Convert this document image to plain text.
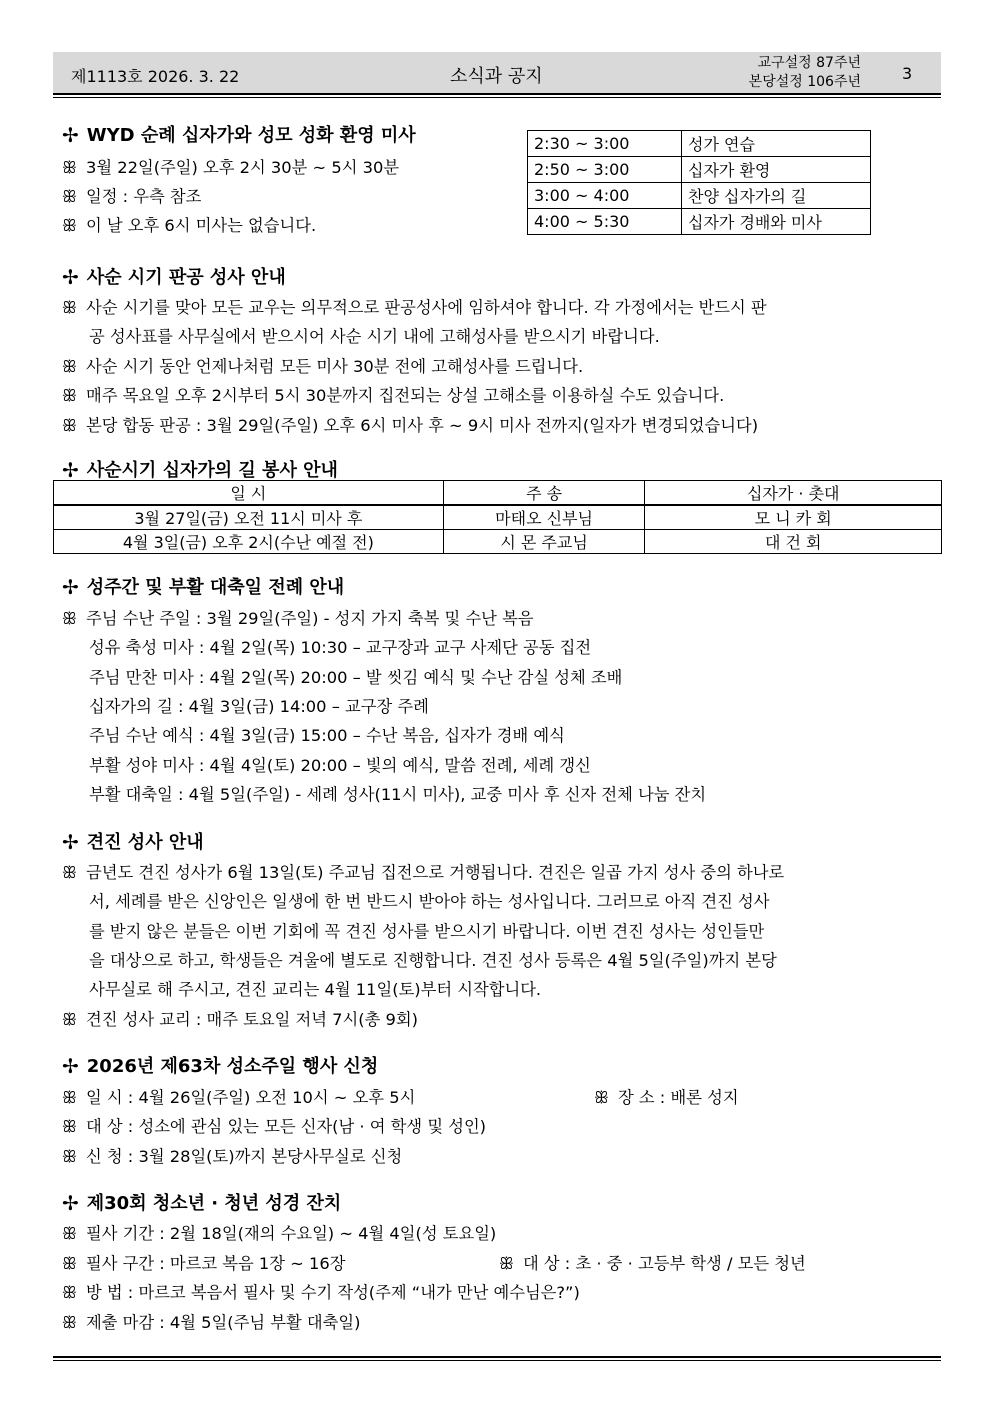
제1113호 2026. 3. 22	소식과 공지
교구설정 87주년
본당설정 106주년	3
✢ WYD 순례 십자가와 성모 성화 환영 미사
ꕥ 3월 22일(주일) 오후 2시 30분 ~ 5시 30분
ꕥ 일정 : 우측 참조
ꕥ 이 날 오후 6시 미사는 없습니다.
2:30 ~ 3:00	성가 연습
2:50 ~ 3:00	십자가 환영
3:00 ~ 4:00	찬양 십자가의 길
4:00 ~ 5:30	십자가 경배와 미사
✢ 사순 시기 판공 성사 안내
ꕥ 사순 시기를 맞아 모든 교우는 의무적으로 판공성사에 임하셔야 합니다. 각 가정에서는 반드시 판
공 성사표를 사무실에서 받으시어 사순 시기 내에 고해성사를 받으시기 바랍니다.
ꕥ 사순 시기 동안 언제나처럼 모든 미사 30분 전에 고해성사를 드립니다.
ꕥ 매주 목요일 오후 2시부터 5시 30분까지 집전되는 상설 고해소를 이용하실 수도 있습니다.
ꕥ 본당 합동 판공 : 3월 29일(주일) 오후 6시 미사 후 ~ 9시 미사 전까지(일자가 변경되었습니다)
✢ 사순시기 십자가의 길 봉사 안내
일 시	주 송	십자가 · 촛대
3월 27일(금) 오전 11시 미사 후	마태오 신부님	모 니 카 회
4월 3일(금) 오후 2시(수난 예절 전)	시 몬 주교님	대 건 회
✢ 성주간 및 부활 대축일 전례 안내
ꕥ 주님 수난 주일 : 3월 29일(주일) - 성지 가지 축복 및 수난 복음
성유 축성 미사 : 4월 2일(목) 10:30 – 교구장과 교구 사제단 공동 집전
주님 만찬 미사 : 4월 2일(목) 20:00 – 발 씻김 예식 및 수난 감실 성체 조배
십자가의 길 : 4월 3일(금) 14:00 – 교구장 주례
주님 수난 예식 : 4월 3일(금) 15:00 – 수난 복음, 십자가 경배 예식
부활 성야 미사 : 4월 4일(토) 20:00 – 빛의 예식, 말씀 전례, 세례 갱신
부활 대축일 : 4월 5일(주일) - 세례 성사(11시 미사), 교중 미사 후 신자 전체 나눔 잔치
✢ 견진 성사 안내
ꕥ 금년도 견진 성사가 6월 13일(토) 주교님 집전으로 거행됩니다. 견진은 일곱 가지 성사 중의 하나로
서, 세례를 받은 신앙인은 일생에 한 번 반드시 받아야 하는 성사입니다. 그러므로 아직 견진 성사
를 받지 않은 분들은 이번 기회에 꼭 견진 성사를 받으시기 바랍니다. 이번 견진 성사는 성인들만
을 대상으로 하고, 학생들은 겨울에 별도로 진행합니다. 견진 성사 등록은 4월 5일(주일)까지 본당
사무실로 해 주시고, 견진 교리는 4월 11일(토)부터 시작합니다.
ꕥ 견진 성사 교리 : 매주 토요일 저녁 7시(총 9회)
✢ 2026년 제63차 성소주일 행사 신청
ꕥ 일 시 : 4월 26일(주일) 오전 10시 ~ 오후 5시	ꕥ 장 소 : 배론 성지
ꕥ 대 상 : 성소에 관심 있는 모든 신자(남 · 여 학생 및 성인)
ꕥ 신 청 : 3월 28일(토)까지 본당사무실로 신청
✢ 제30회 청소년 · 청년 성경 잔치
ꕥ 필사 기간 : 2월 18일(재의 수요일) ~ 4월 4일(성 토요일)
ꕥ 필사 구간 : 마르코 복음 1장 ~ 16장	ꕥ 대 상 : 초 · 중 · 고등부 학생 / 모든 청년
ꕥ 방 법 : 마르코 복음서 필사 및 수기 작성(주제 “내가 만난 예수님은?”)
ꕥ 제출 마감 : 4월 5일(주님 부활 대축일)
